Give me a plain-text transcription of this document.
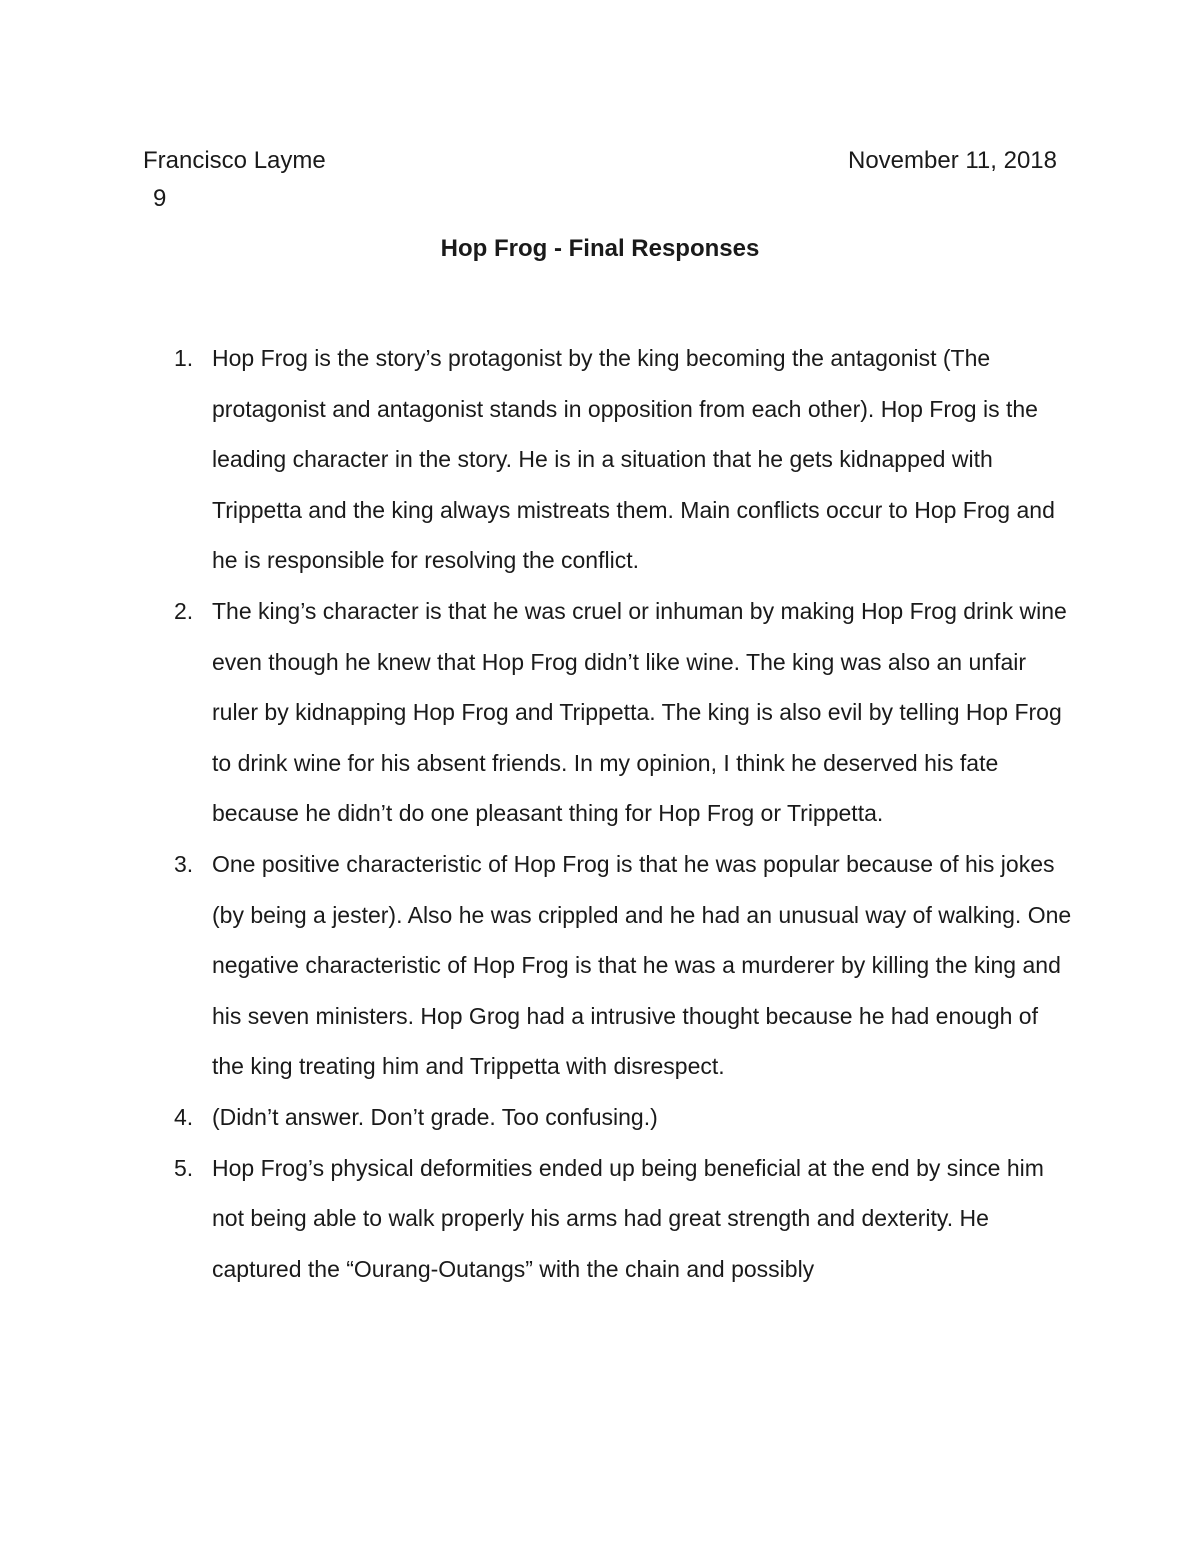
Francisco Layme	November 11, 2018
9
Hop Frog - Final Responses
1. Hop Frog is the story’s protagonist by the king becoming the antagonist (The protagonist and antagonist stands in opposition from each other). Hop Frog is the leading character in the story. He is in a situation that he gets kidnapped with Trippetta and the king always mistreats them. Main conflicts occur to Hop Frog and he is responsible for resolving the conflict.
2. The king’s character is that he was cruel or inhuman by making Hop Frog drink wine even though he knew that Hop Frog didn’t like wine. The king was also an unfair ruler by kidnapping Hop Frog and Trippetta. The king is also evil by telling Hop Frog to drink wine for his absent friends. In my opinion, I think he deserved his fate because he didn’t do one pleasant thing for Hop Frog or Trippetta.
3. One positive characteristic of Hop Frog is that he was popular because of his jokes (by being a jester). Also he was crippled and he had an unusual way of walking. One negative characteristic of Hop Frog is that he was a murderer by killing the king and his seven ministers. Hop Grog had a intrusive thought because he had enough of the king treating him and Trippetta with disrespect.
4. (Didn’t answer. Don’t grade. Too confusing.)
5. Hop Frog’s physical deformities ended up being beneficial at the end by since him not being able to walk properly his arms had great strength and dexterity. He captured the “Ourang-Outangs” with the chain and possibly
